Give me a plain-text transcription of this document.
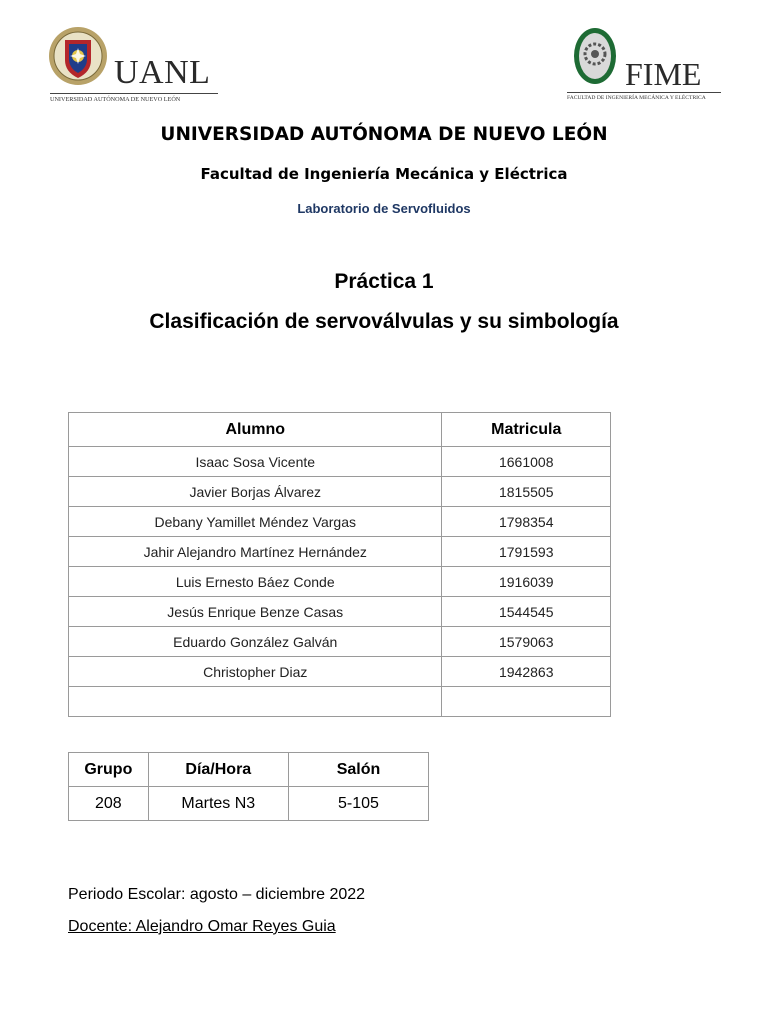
UANL
UNIVERSIDAD AUTÓNOMA DE NUEVO LEÓN
FIME
FACULTAD DE INGENIERÍA MECÁNICA Y ELÉCTRICA
UNIVERSIDAD AUTÓNOMA DE NUEVO LEÓN
Facultad de Ingeniería Mecánica y Eléctrica
Laboratorio de Servofluidos
Práctica 1
Clasificación de servoválvulas y su simbología
Alumno	Matricula
Isaac Sosa Vicente	1661008
Javier Borjas Álvarez	1815505
Debany Yamillet Méndez Vargas	1798354
Jahir Alejandro Martínez Hernández	1791593
Luis Ernesto Báez Conde	1916039
Jesús Enrique Benze Casas	1544545
Eduardo González Galván	1579063
Christopher Diaz	1942863

Grupo	Día/Hora	Salón
208	Martes N3	5-105
Periodo Escolar: agosto – diciembre 2022
Docente: Alejandro Omar Reyes Guia
